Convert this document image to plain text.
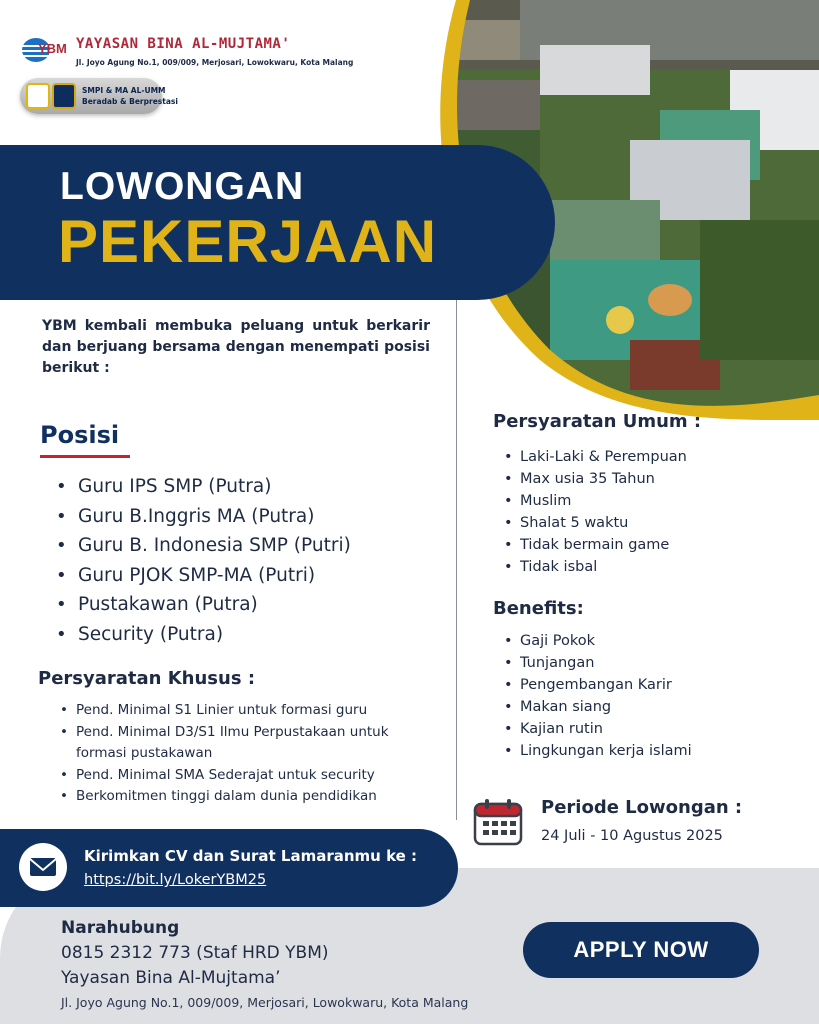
YBM YAYASAN BINA AL-MUJTAMA'
Jl. Joyo Agung No.1, 009/009, Merjosari, Lowokwaru, Kota Malang
SMPI & MA AL-UMM
Beradab & Berprestasi
LOWONGAN
PEKERJAAN
YBM kembali membuka peluang untuk berkarir dan berjuang bersama dengan menempati posisi berikut :
Posisi
• Guru IPS SMP (Putra)
• Guru B.Inggris MA (Putra)
• Guru B. Indonesia SMP (Putri)
• Guru PJOK SMP-MA (Putri)
• Pustakawan (Putra)
• Security (Putra)
Persyaratan Khusus :
• Pend. Minimal S1 Linier untuk formasi guru
• Pend. Minimal D3/S1 Ilmu Perpustakaan untuk formasi pustakawan
• Pend. Minimal SMA Sederajat untuk security
• Berkomitmen tinggi dalam dunia pendidikan
Persyaratan Umum :
• Laki-Laki & Perempuan
• Max usia 35 Tahun
• Muslim
• Shalat 5 waktu
• Tidak bermain game
• Tidak isbal
Benefits:
• Gaji Pokok
• Tunjangan
• Pengembangan Karir
• Makan siang
• Kajian rutin
• Lingkungan kerja islami
Periode Lowongan :
24 Juli - 10 Agustus 2025
Kirimkan CV dan Surat Lamaranmu ke :
https://bit.ly/LokerYBM25
Narahubung
0815 2312 773 (Staf HRD YBM)
Yayasan Bina Al-Mujtama’
Jl. Joyo Agung No.1, 009/009, Merjosari, Lowokwaru, Kota Malang
APPLY NOW
